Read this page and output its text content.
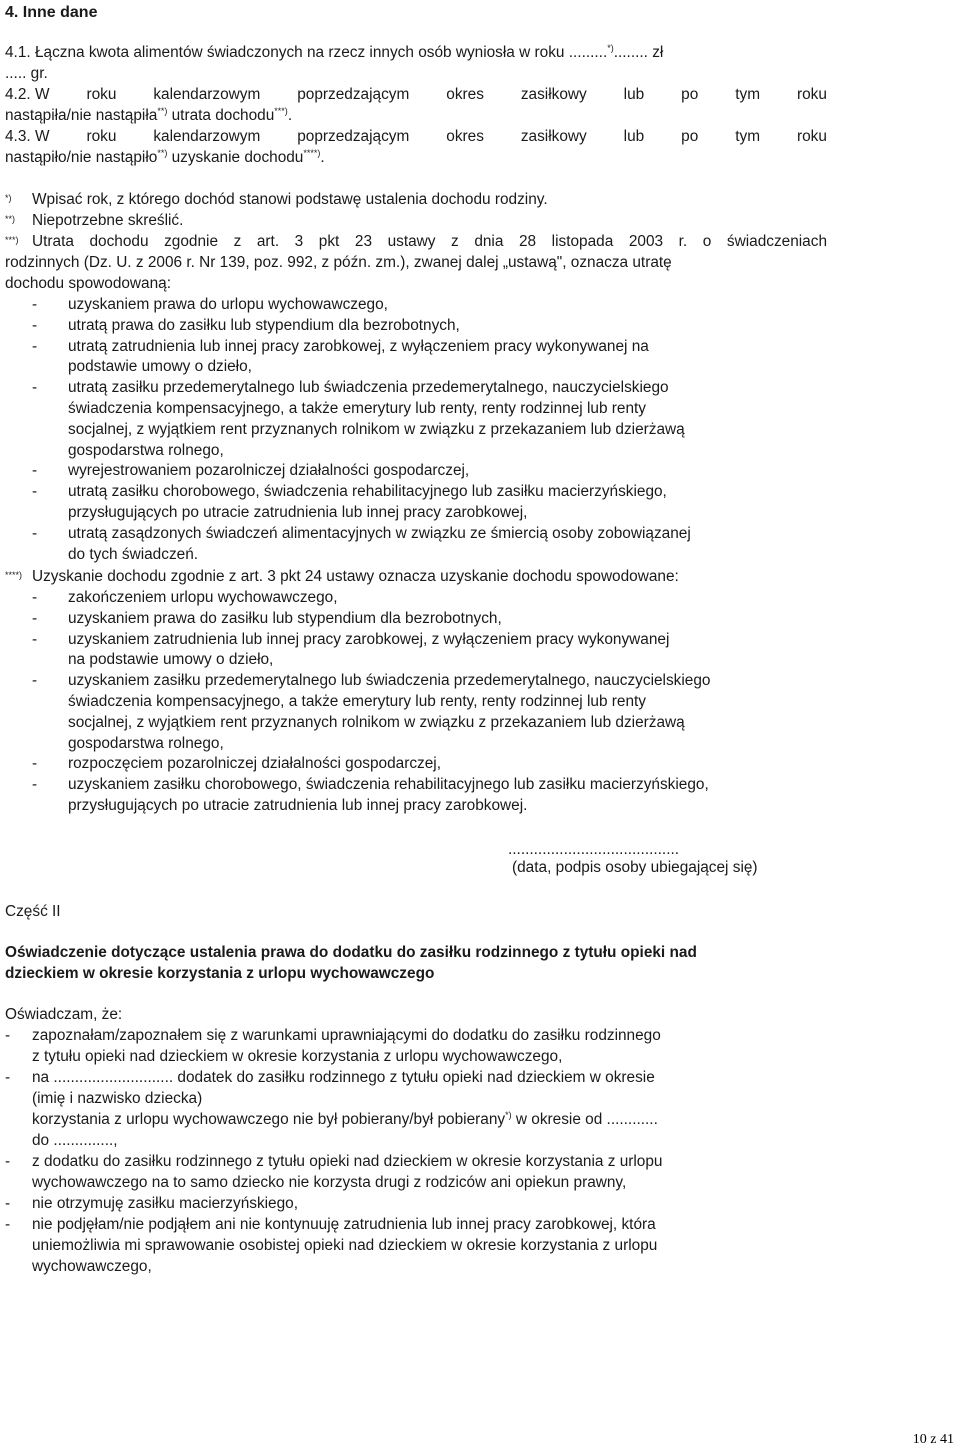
4. Inne dane
4.1. Łączna kwota alimentów świadczonych na rzecz innych osób wyniosła w roku .........*)........ zł
..... gr.
4.2. W roku kalendarzowym poprzedzającym okres zasiłkowy lub po tym roku
nastąpiła/nie nastąpiła**) utrata dochodu***).
4.3. W roku kalendarzowym poprzedzającym okres zasiłkowy lub po tym roku
nastąpiło/nie nastąpiło**) uzyskanie dochodu****).
*) Wpisać rok, z którego dochód stanowi podstawę ustalenia dochodu rodziny.
**) Niepotrzebne skreślić.
***) Utrata dochodu zgodnie z art. 3 pkt 23 ustawy z dnia 28 listopada 2003 r. o świadczeniach
rodzinnych (Dz. U. z 2006 r. Nr 139, poz. 992, z późn. zm.), zwanej dalej „ustawą", oznacza utratę
dochodu spowodowaną:
- uzyskaniem prawa do urlopu wychowawczego,
- utratą prawa do zasiłku lub stypendium dla bezrobotnych,
- utratą zatrudnienia lub innej pracy zarobkowej, z wyłączeniem pracy wykonywanej na
podstawie umowy o dzieło,
- utratą zasiłku przedemerytalnego lub świadczenia przedemerytalnego, nauczycielskiego
świadczenia kompensacyjnego, a także emerytury lub renty, renty rodzinnej lub renty
socjalnej, z wyjątkiem rent przyznanych rolnikom w związku z przekazaniem lub dzierżawą
gospodarstwa rolnego,
- wyrejestrowaniem pozarolniczej działalności gospodarczej,
- utratą zasiłku chorobowego, świadczenia rehabilitacyjnego lub zasiłku macierzyńskiego,
przysługujących po utracie zatrudnienia lub innej pracy zarobkowej,
- utratą zasądzonych świadczeń alimentacyjnych w związku ze śmiercią osoby zobowiązanej
do tych świadczeń.
****) Uzyskanie dochodu zgodnie z art. 3 pkt 24 ustawy oznacza uzyskanie dochodu spowodowane:
- zakończeniem urlopu wychowawczego,
- uzyskaniem prawa do zasiłku lub stypendium dla bezrobotnych,
- uzyskaniem zatrudnienia lub innej pracy zarobkowej, z wyłączeniem pracy wykonywanej
na podstawie umowy o dzieło,
- uzyskaniem zasiłku przedemerytalnego lub świadczenia przedemerytalnego, nauczycielskiego
świadczenia kompensacyjnego, a także emerytury lub renty, renty rodzinnej lub renty
socjalnej, z wyjątkiem rent przyznanych rolnikom w związku z przekazaniem lub dzierżawą
gospodarstwa rolnego,
- rozpoczęciem pozarolniczej działalności gospodarczej,
- uzyskaniem zasiłku chorobowego, świadczenia rehabilitacyjnego lub zasiłku macierzyńskiego,
przysługujących po utracie zatrudnienia lub innej pracy zarobkowej.
........................................
(data, podpis osoby ubiegającej się)
Część II
Oświadczenie dotyczące ustalenia prawa do dodatku do zasiłku rodzinnego z tytułu opieki nad
dzieckiem w okresie korzystania z urlopu wychowawczego
Oświadczam, że:
- zapoznałam/zapoznałem się z warunkami uprawniającymi do dodatku do zasiłku rodzinnego
z tytułu opieki nad dzieckiem w okresie korzystania z urlopu wychowawczego,
- na ............................ dodatek do zasiłku rodzinnego z tytułu opieki nad dzieckiem w okresie
(imię i nazwisko dziecka)
korzystania z urlopu wychowawczego nie był pobierany/był pobierany*) w okresie od ............
do ..............,
- z dodatku do zasiłku rodzinnego z tytułu opieki nad dzieckiem w okresie korzystania z urlopu
wychowawczego na to samo dziecko nie korzysta drugi z rodziców ani opiekun prawny,
- nie otrzymuję zasiłku macierzyńskiego,
- nie podjęłam/nie podjąłem ani nie kontynuuję zatrudnienia lub innej pracy zarobkowej, która
uniemożliwia mi sprawowanie osobistej opieki nad dzieckiem w okresie korzystania z urlopu
wychowawczego,
10 z 41
